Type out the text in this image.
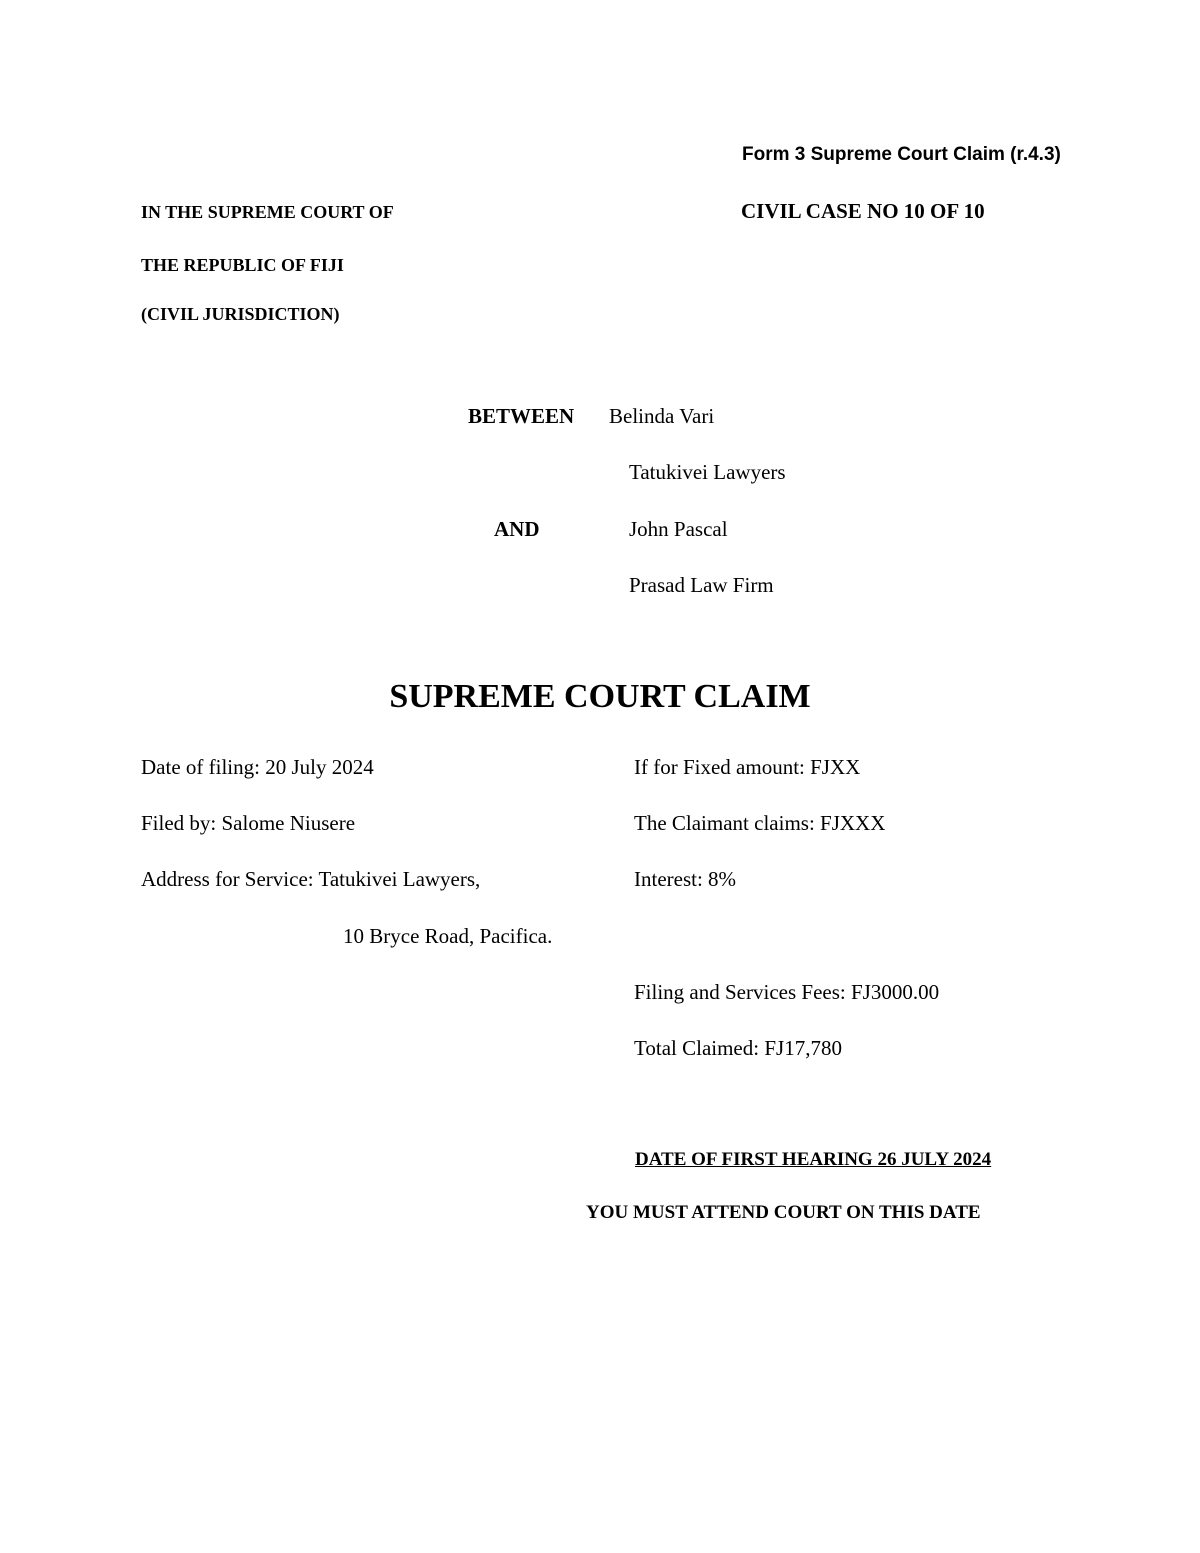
Form 3 Supreme Court Claim (r.4.3)
IN THE SUPREME COURT OF
THE REPUBLIC OF FIJI
(CIVIL JURISDICTION)
CIVIL CASE NO 10 OF 10
BETWEEN Belinda Vari
Tatukivei Lawyers
AND	John Pascal
Prasad Law Firm
SUPREME COURT CLAIM
Date of filing: 20 July 2024
Filed by: Salome Niusere
Address for Service: Tatukivei Lawyers,
10 Bryce Road, Pacifica.
If for Fixed amount: FJXX
The Claimant claims: FJXXX
Interest: 8%
Filing and Services Fees: FJ3000.00
Total Claimed: FJ17,780
DATE OF FIRST HEARING 26 JULY 2024
YOU MUST ATTEND COURT ON THIS DATE
